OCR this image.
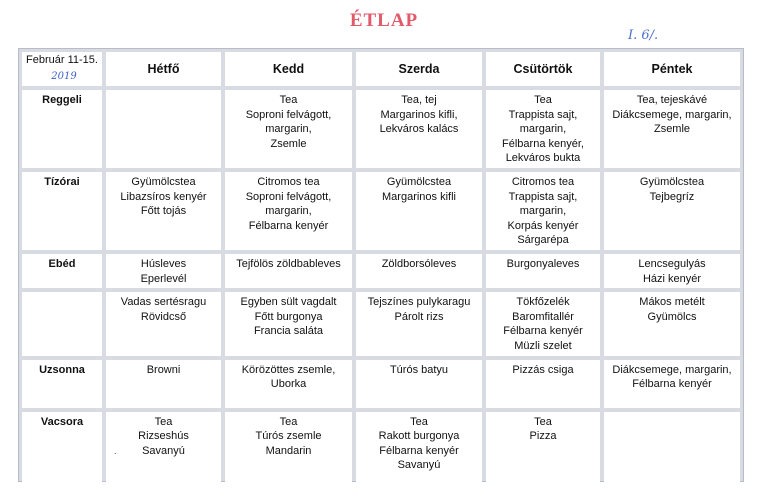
ÉTLAP
I. 6/.
Február 11-15.
2019	Hétfő	Kedd	Szerda	Csütörtök	Péntek
Reggeli		Tea
Soproni felvágott,
margarin,
Zsemle	Tea, tej
Margarinos kifli,
Lekváros kalács	Tea
Trappista sajt,
margarin,
Félbarna kenyér,
Lekváros bukta	Tea, tejeskávé
Diákcsemege, margarin,
Zsemle

Tízórai	Gyümölcstea
Libazsíros kenyér
Főtt tojás	Citromos tea
Soproni felvágott,
margarin,
Félbarna kenyér	Gyümölcstea
Margarinos kifli	Citromos tea
Trappista sajt,
margarin,
Korpás kenyér
Sárgarépa	Gyümölcstea
Tejbegríz

Ebéd	Húsleves
Eperlevél	Tejfölös zöldbableves	Zöldborsóleves	Burgonyaleves	Lencsegulyás
Házi kenyér

	Vadas sertésragu
Rövidcső	Egyben sült vagdalt
Főtt burgonya
Francia saláta	Tejszínes pulykaragu
Párolt rizs	Tökfőzelék
Baromfitallér
Félbarna kenyér
Müzli szelet	Mákos metélt
Gyümölcs

Uzsonna	Browni	Körözöttes zsemle,
Uborka	Túrós batyu	Pizzás csiga	Diákcsemege, margarin,
Félbarna kenyér

Vacsora	Tea
Rizseshús
Savanyú	Tea
Túrós zsemle
Mandarin	Tea
Rakott burgonya
Félbarna kenyér
Savanyú	Tea
Pizza	

.
